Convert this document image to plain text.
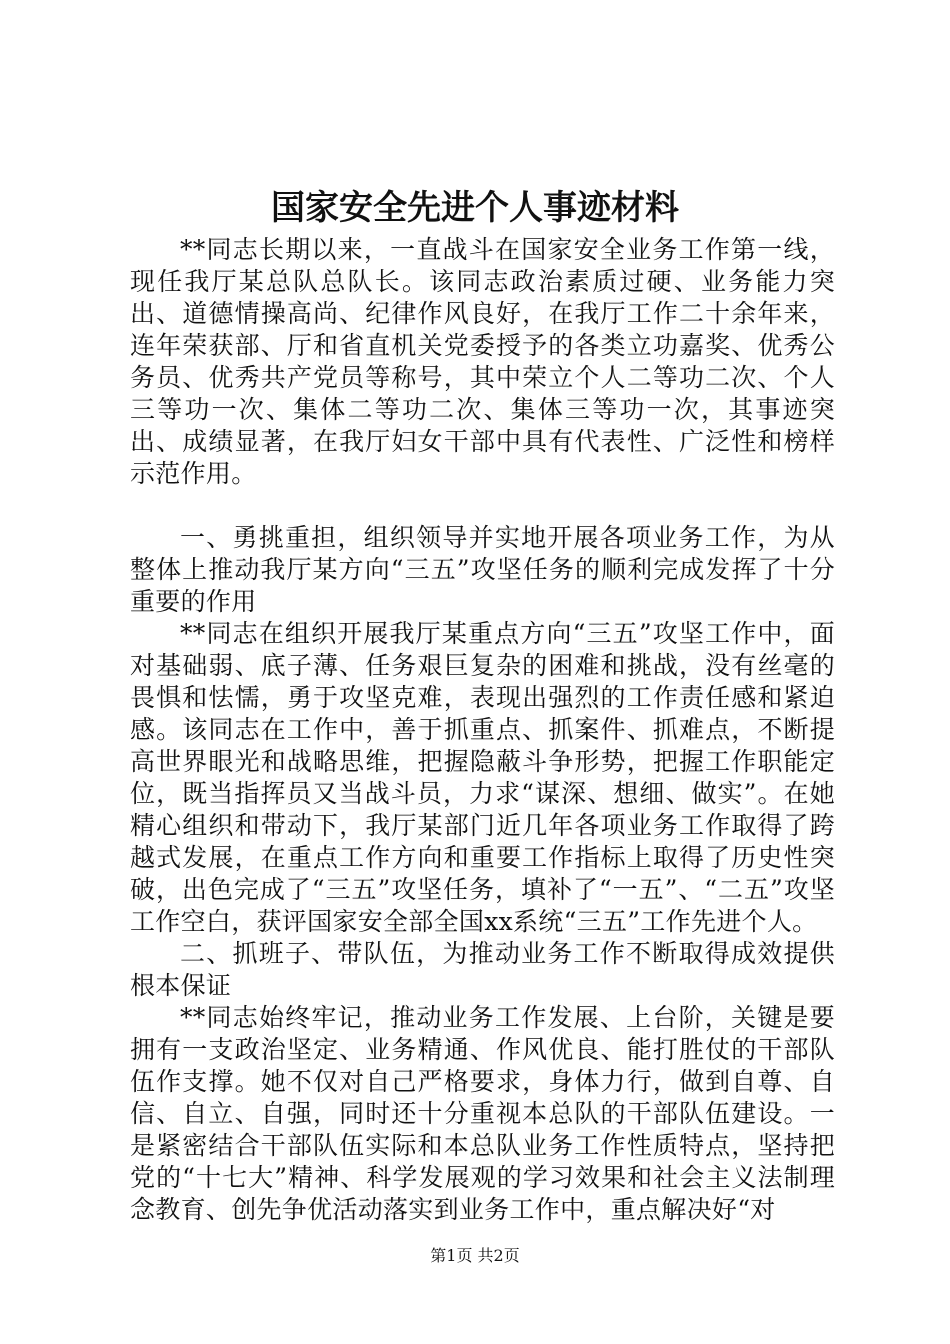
国家安全先进个人事迹材料

**同志长期以来，一直战斗在国家安全业务工作第一线，现任我厅某总队总队长。该同志政治素质过硬、业务能力突出、道德情操高尚、纪律作风良好，在我厅工作二十余年来，连年荣获部、厅和省直机关党委授予的各类立功嘉奖、优秀公务员、优秀共产党员等称号，其中荣立个人二等功二次、个人三等功一次、集体二等功二次、集体三等功一次，其事迹突出、成绩显著，在我厅妇女干部中具有代表性、广泛性和榜样示范作用。

一、勇挑重担，组织领导并实地开展各项业务工作，为从整体上推动我厅某方向“三五”攻坚任务的顺利完成发挥了十分重要的作用

**同志在组织开展我厅某重点方向“三五”攻坚工作中，面对基础弱、底子薄、任务艰巨复杂的困难和挑战，没有丝毫的畏惧和怯懦，勇于攻坚克难，表现出强烈的工作责任感和紧迫感。该同志在工作中，善于抓重点、抓案件、抓难点，不断提高世界眼光和战略思维，把握隐蔽斗争形势，把握工作职能定位，既当指挥员又当战斗员，力求“谋深、想细、做实”。在她精心组织和带动下，我厅某部门近几年各项业务工作取得了跨越式发展，在重点工作方向和重要工作指标上取得了历史性突破，出色完成了“三五”攻坚任务，填补了“一五”、“二五”攻坚工作空白，获评国家安全部全国xx系统“三五”工作先进个人。

二、抓班子、带队伍，为推动业务工作不断取得成效提供根本保证

**同志始终牢记，推动业务工作发展、上台阶，关键是要拥有一支政治坚定、业务精通、作风优良、能打胜仗的干部队伍作支撑。她不仅对自己严格要求，身体力行，做到自尊、自信、自立、自强，同时还十分重视本总队的干部队伍建设。一是紧密结合干部队伍实际和本总队业务工作性质特点，坚持把党的“十七大”精神、科学发展观的学习效果和社会主义法制理念教育、创先争优活动落实到业务工作中，重点解决好“对

第1页 共2页
